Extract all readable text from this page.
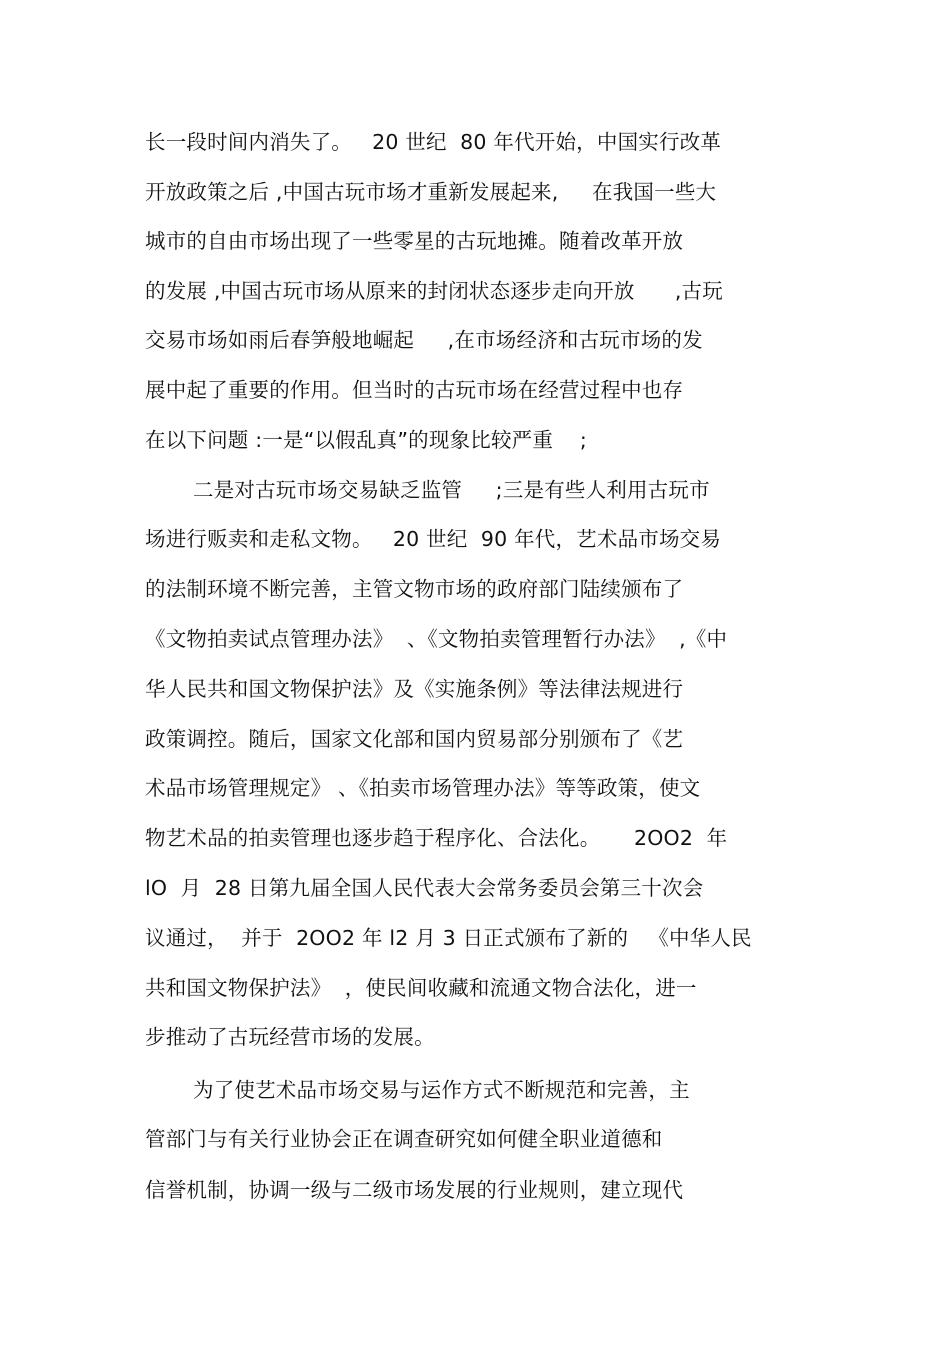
长一段时间内消失了。   20 世纪  80 年代开始，中国实行改革
开放政策之后 ,中国古玩市场才重新发展起来,     在我国一些大
城市的自由市场出现了一些零星的古玩地摊。随着改革开放
的发展 ,中国古玩市场从原来的封闭状态逐步走向开放      ,古玩
交易市场如雨后春笋般地崛起     ,在市场经济和古玩市场的发
展中起了重要的作用。但当时的古玩市场在经营过程中也存
在以下问题 :一是“以假乱真”的现象比较严重    ;
二是对古玩市场交易缺乏监管     ;三是有些人利用古玩市
场进行贩卖和走私文物。   20 世纪  90 年代，艺术品市场交易
的法制环境不断完善，主管文物市场的政府部门陆续颁布了
《文物拍卖试点管理办法》  、《文物拍卖管理暂行办法》  ,《中
华人民共和国文物保护法》及《实施条例》等法律法规进行
政策调控。随后，国家文化部和国内贸易部分别颁布了《艺
术品市场管理规定》 、《拍卖市场管理办法》等等政策，使文
物艺术品的拍卖管理也逐步趋于程序化、合法化。     2OO2  年
lO  月  28 日第九届全国人民代表大会常务委员会第三十次会
议通过，  并于  2OO2 年 l2 月 3 日正式颁布了新的   《中华人民
共和国文物保护法》  ，使民间收藏和流通文物合法化，进一
步推动了古玩经营市场的发展。
为了使艺术品市场交易与运作方式不断规范和完善，主
管部门与有关行业协会正在调查研究如何健全职业道德和
信誉机制，协调一级与二级市场发展的行业规则，建立现代
